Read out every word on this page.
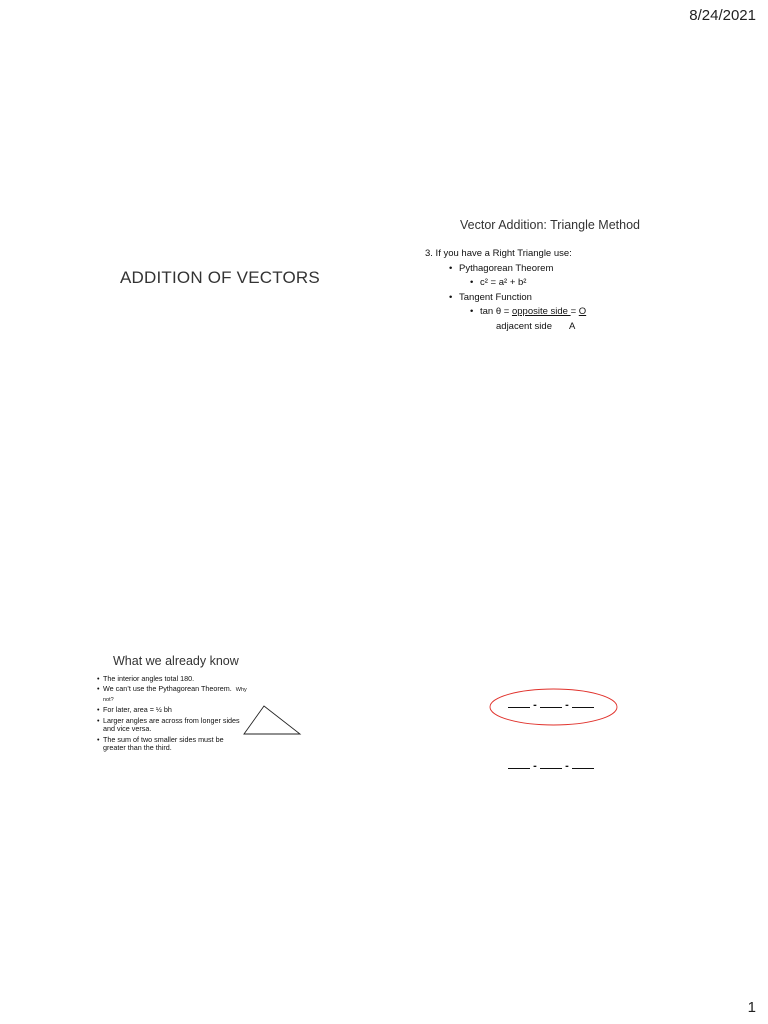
8/24/2021
ADDITION OF VECTORS
Vector Addition: Triangle Method
3. If you have a Right Triangle use:
• Pythagorean Theorem
• c² = a² + b²
• Tangent Function
• tan θ = opposite side = O
adjacent side A
What we already know
• The interior angles total 180.
• We can’t use the Pythagorean Theorem. Why not?
• For later, area = ½ bh
• Larger angles are across from longer sides and vice versa.
• The sum of two smaller sides must be greater than the third.
-	-
-	-
1
